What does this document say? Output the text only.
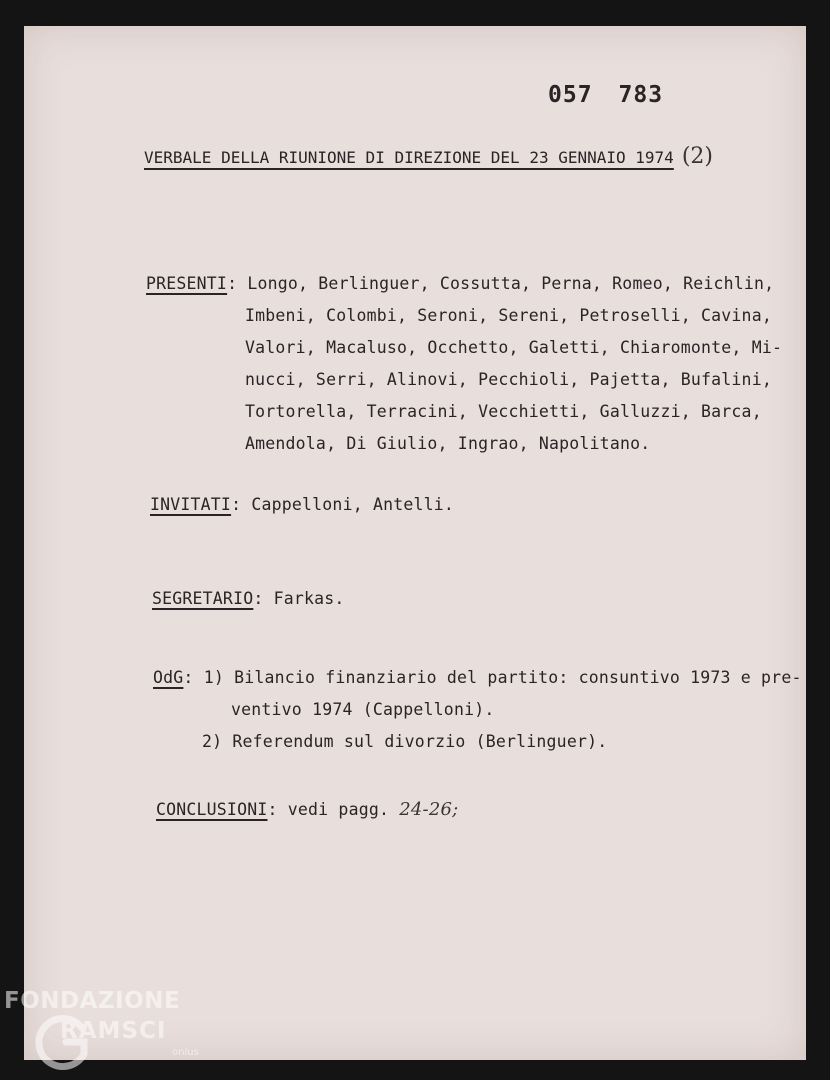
057 783
VERBALE DELLA RIUNIONE DI DIREZIONE DEL 23 GENNAIO 1974 (2)
PRESENTI: Longo, Berlinguer, Cossutta, Perna, Romeo, Reichlin,
Imbeni, Colombi, Seroni, Sereni, Petroselli, Cavina,
Valori, Macaluso, Occhetto, Galetti, Chiaromonte, Mi-
nucci, Serri, Alinovi, Pecchioli, Pajetta, Bufalini,
Tortorella, Terracini, Vecchietti, Galluzzi, Barca,
Amendola, Di Giulio, Ingrao, Napolitano.
INVITATI: Cappelloni, Antelli.
SEGRETARIO: Farkas.
OdG: 1) Bilancio finanziario del partito: consuntivo 1973 e pre-
ventivo 1974 (Cappelloni).
2) Referendum sul divorzio (Berlinguer).
CONCLUSIONI: vedi pagg. 24-26;
FONDAZIONE
RAMSCI
onlus
